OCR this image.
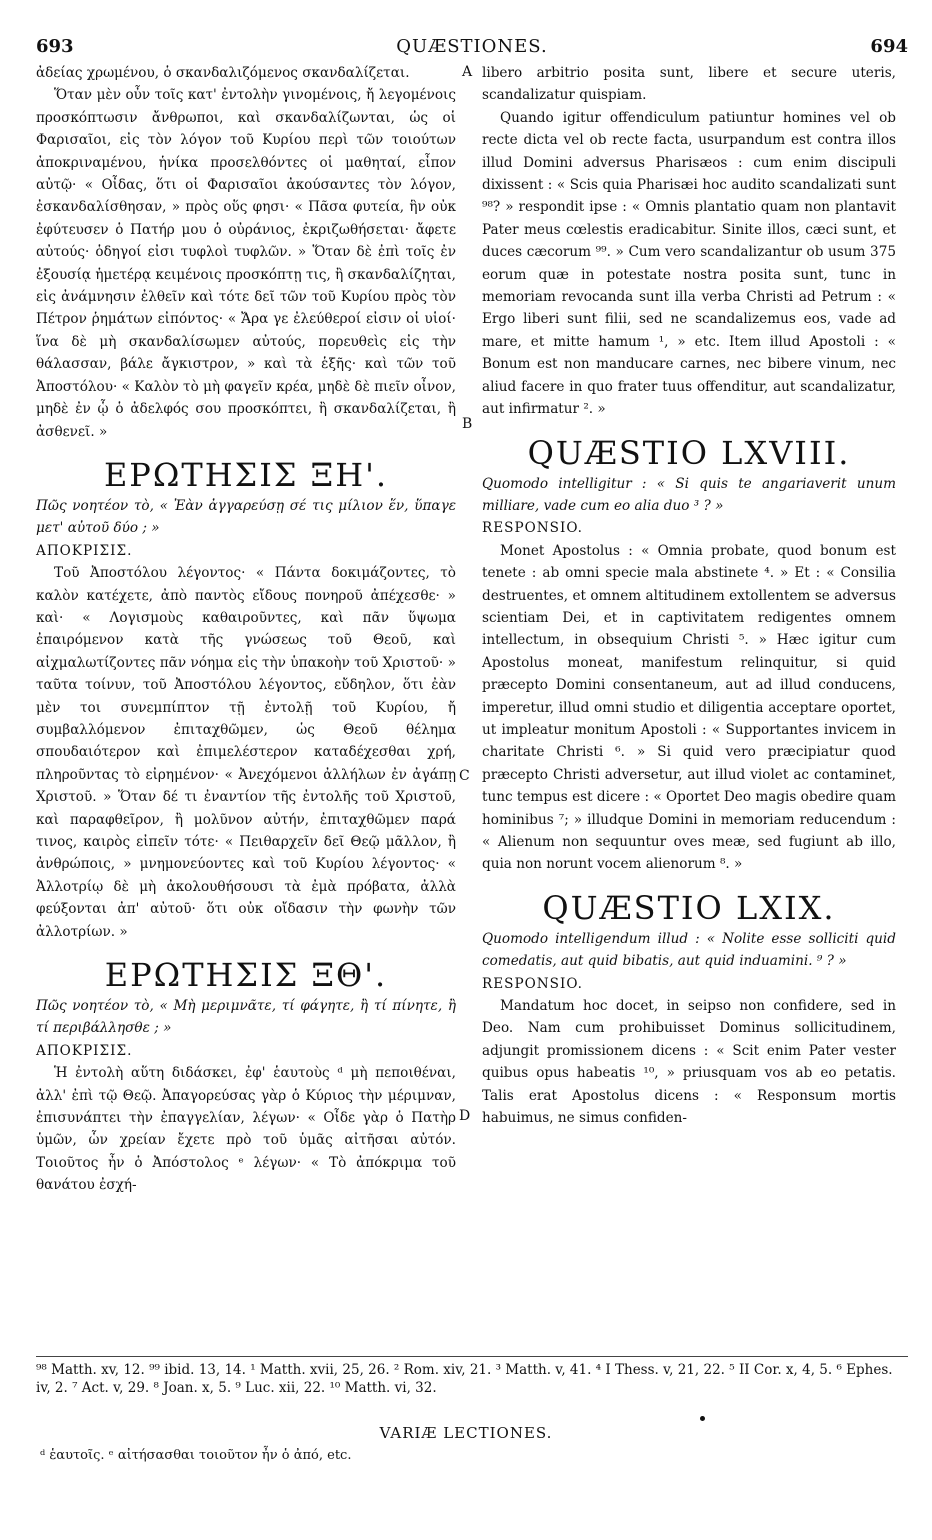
693	QUÆSTIONES.	694
A
B
C
D

ἀδείας χρωμένου, ὁ σκανδαλιζόμενος σκανδαλίζεται.

Ὅταν μὲν οὖν τοῖς κατ' ἐντολὴν γινομένοις, ἤ λεγομένοις προσκόπτωσιν ἄνθρωποι, καὶ σκανδαλίζωνται, ὡς οἱ Φαρισαῖοι, εἰς τὸν λόγον τοῦ Κυρίου περὶ τῶν τοιούτων ἀποκριναμένου, ἡνίκα προσελθόντες οἱ μαθηταί, εἶπον αὐτῷ· « Οἶδας, ὅτι οἱ Φαρισαῖοι ἀκούσαντες τὸν λόγον, ἐσκανδαλίσθησαν, » πρὸς οὕς φησι· « Πᾶσα φυτεία, ἣν οὐκ ἐφύτευσεν ὁ Πατήρ μου ὁ οὐράνιος, ἐκριζωθήσεται· ἄφετε αὐτούς· ὁδηγοί εἰσι τυφλοὶ τυφλῶν. » Ὅταν δὲ ἐπὶ τοῖς ἐν ἐξουσίᾳ ἡμετέρᾳ κειμένοις προσκόπτῃ τις, ἢ σκανδαλίζηται, εἰς ἀνάμνησιν ἐλθεῖν καὶ τότε δεῖ τῶν τοῦ Κυρίου πρὸς τὸν Πέτρον ῥημάτων εἰπόντος· « Ἄρα γε ἐλεύθεροί εἰσιν οἱ υἱοί· ἵνα δὲ μὴ σκανδαλίσωμεν αὐτούς, πορευθεὶς εἰς τὴν θάλασσαν, βάλε ἄγκιστρον, » καὶ τὰ ἑξῆς· καὶ τῶν τοῦ Ἀποστόλου· « Καλὸν τὸ μὴ φαγεῖν κρέα, μηδὲ δὲ πιεῖν οἶνον, μηδὲ ἐν ᾧ ὁ ἀδελφός σου προσκόπτει, ἢ σκανδαλίζεται, ἢ ἀσθενεῖ. »

ΕΡΩΤΗΣΙΣ ΞΗ'.

Πῶς νοητέον τὸ, « Ἐὰν ἀγγαρεύσῃ σέ τις μίλιον ἕν, ὕπαγε μετ' αὐτοῦ δύο ; »

ΑΠΟΚΡΙΣΙΣ.

Τοῦ Ἀποστόλου λέγοντος· « Πάντα δοκιμάζοντες, τὸ καλὸν κατέχετε, ἀπὸ παντὸς εἴδους πονηροῦ ἀπέχεσθε· » καὶ· « Λογισμοὺς καθαιροῦντες, καὶ πᾶν ὕψωμα ἐπαιρόμενον κατὰ τῆς γνώσεως τοῦ Θεοῦ, καὶ αἰχμαλωτίζοντες πᾶν νόημα εἰς τὴν ὑπακοὴν τοῦ Χριστοῦ· » ταῦτα τοίνυν, τοῦ Ἀποστόλου λέγοντος, εὔδηλον, ὅτι ἐὰν μὲν τοι συνεμπίπτον τῇ ἐντολῇ τοῦ Κυρίου, ἤ συμβαλλόμενον ἐπιταχθῶμεν, ὡς Θεοῦ θέλημα σπουδαιότερον καὶ ἐπιμελέστερον καταδέχεσθαι χρή, πληροῦντας τὸ εἰρημένον· « Ἀνεχόμενοι ἀλλήλων ἐν ἀγάπῃ Χριστοῦ. » Ὅταν δέ τι ἐναντίον τῆς ἐντολῆς τοῦ Χριστοῦ, καὶ παραφθεῖρον, ἢ μολῦνον αὐτήν, ἐπιταχθῶμεν παρά τινος, καιρὸς εἰπεῖν τότε· « Πειθαρχεῖν δεῖ Θεῷ μᾶλλον, ἢ ἀνθρώποις, » μνημονεύοντες καὶ τοῦ Κυρίου λέγοντος· « Ἀλλοτρίῳ δὲ μὴ ἀκολουθήσουσι τὰ ἐμὰ πρόβατα, ἀλλὰ φεύξονται ἀπ' αὐτοῦ· ὅτι οὐκ οἴδασιν τὴν φωνὴν τῶν ἀλλοτρίων. »

ΕΡΩΤΗΣΙΣ ΞΘ'.

Πῶς νοητέον τὸ, « Μὴ μεριμνᾶτε, τί φάγητε, ἢ τί πίνητε, ἢ τί περιβάλλησθε ; »

ΑΠΟΚΡΙΣΙΣ.

Ἡ ἐντολὴ αὕτη διδάσκει, ἐφ' ἑαυτοὺς ᵈ μὴ πεποιθέναι, ἀλλ' ἐπὶ τῷ Θεῷ. Ἀπαγορεύσας γὰρ ὁ Κύριος τὴν μέριμναν, ἐπισυνάπτει τὴν ἐπαγγελίαν, λέγων· « Οἶδε γὰρ ὁ Πατὴρ ὑμῶν, ὧν χρείαν ἔχετε πρὸ τοῦ ὑμᾶς αἰτῆσαι αὐτόν. Τοιοῦτος ἦν ὁ Ἀπόστολος ᵉ λέγων· « Τὸ ἀπόκριμα τοῦ θανάτου ἐσχή-

libero arbitrio posita sunt, libere et secure uteris, scandalizatur quispiam.

Quando igitur offendiculum patiuntur homines vel ob recte dicta vel ob recte facta, usurpandum est contra illos illud Domini adversus Pharisæos : cum enim discipuli dixissent : « Scis quia Pharisæi hoc audito scandalizati sunt ⁹⁸? » respondit ipse : « Omnis plantatio quam non plantavit Pater meus cœlestis eradicabitur. Sinite illos, cæci sunt, et duces cæcorum ⁹⁹. » Cum vero scandalizantur ob usum 375 eorum quæ in potestate nostra posita sunt, tunc in memoriam revocanda sunt illa verba Christi ad Petrum : « Ergo liberi sunt filii, sed ne scandalizemus eos, vade ad mare, et mitte hamum ¹, » etc. Item illud Apostoli : « Bonum est non manducare carnes, nec bibere vinum, nec aliud facere in quo frater tuus offenditur, aut scandalizatur, aut infirmatur ². »

QUÆSTIO LXVIII.

Quomodo intelligitur : « Si quis te angariaverit unum milliare, vade cum eo alia duo ³ ? »

RESPONSIO.

Monet Apostolus : « Omnia probate, quod bonum est tenete : ab omni specie mala abstinete ⁴. » Et : « Consilia destruentes, et omnem altitudinem extollentem se adversus scientiam Dei, et in captivitatem redigentes omnem intellectum, in obsequium Christi ⁵. » Hæc igitur cum Apostolus moneat, manifestum relinquitur, si quid præcepto Domini consentaneum, aut ad illud conducens, imperetur, illud omni studio et diligentia acceptare oportet, ut impleatur monitum Apostoli : « Supportantes invicem in charitate Christi ⁶. » Si quid vero præcipiatur quod præcepto Christi adversetur, aut illud violet ac contaminet, tunc tempus est dicere : « Oportet Deo magis obedire quam hominibus ⁷; » illudque Domini in memoriam reducendum : « Alienum non sequuntur oves meæ, sed fugiunt ab illo, quia non norunt vocem alienorum ⁸. »

QUÆSTIO LXIX.

Quomodo intelligendum illud : « Nolite esse solliciti quid comedatis, aut quid bibatis, aut quid induamini. ⁹ ? »

RESPONSIO.

Mandatum hoc docet, in seipso non confidere, sed in Deo. Nam cum prohibuisset Dominus sollicitudinem, adjungit promissionem dicens : « Scit enim Pater vester quibus opus habeatis ¹⁰, » priusquam vos ab eo petatis. Talis erat Apostolus dicens : « Responsum mortis habuimus, ne simus confiden-

⁹⁸ Matth. xv, 12. ⁹⁹ ibid. 13, 14. ¹ Matth. xvii, 25, 26. ² Rom. xiv, 21. ³ Matth. v, 41. ⁴ I Thess. v, 21, 22. ⁵ II Cor. x, 4, 5. ⁶ Ephes. iv, 2. ⁷ Act. v, 29. ⁸ Joan. x, 5. ⁹ Luc. xii, 22. ¹⁰ Matth. vi, 32.

VARIÆ LECTIONES.
ᵈ ἑαυτοῖς. ᵉ αἰτήσασθαι τοιοῦτον ἦν ὁ ἀπό, etc.
